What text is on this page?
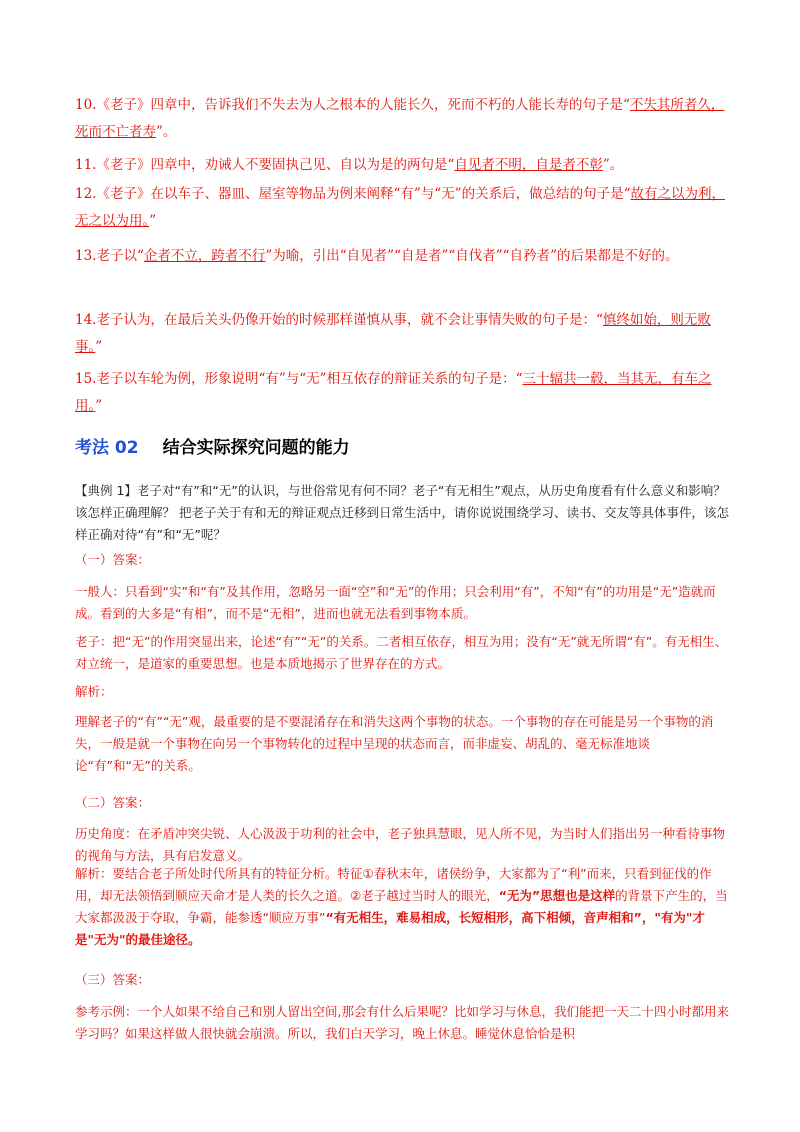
10.《老子》四章中，告诉我们不失去为人之根本的人能长久，死而不朽的人能长寿的句子是“不失其所者久，死而不亡者寿”。

11.《老子》四章中，劝诫人不要固执己见、自以为是的两句是“自见者不明，自是者不彰”。

12.《老子》在以车子、器皿、屋室等物品为例来阐释“有”与“无”的关系后，做总结的句子是“故有之以为利，无之以为用。”

13.老子以“企者不立，跨者不行”为喻，引出“自见者”“自是者”“自伐者”“自矜者”的后果都是不好的。

14.老子认为，在最后关头仍像开始的时候那样谨慎从事，就不会让事情失败的句子是：“慎终如始，则无败事。”

15.老子以车轮为例，形象说明“有”与“无”相互依存的辩证关系的句子是：“三十辐共一毂，当其无，有车之用。”

考法 02 结合实际探究问题的能力

【典例 1】老子对“有”和“无”的认识，与世俗常见有何不同？老子“有无相生”观点，从历史角度看有什么意义和影响？该怎样正确理解？ 把老子关于有和无的辩证观点迁移到日常生活中，请你说说围绕学习、读书、交友等具体事件，该怎样正确对待“有”和“无”呢？

（一）答案：

一般人：只看到“实”和“有”及其作用，忽略另一面“空”和“无”的作用；只会利用“有”，不知“有”的功用是“无”造就而成。看到的大多是“有相”，而不是“无相”，进而也就无法看到事物本质。

老子：把“无”的作用突显出来，论述“有”“无”的关系。二者相互依存，相互为用；没有“无”就无所谓“有”。有无相生、对立统一，是道家的重要思想。也是本质地揭示了世界存在的方式。

解析：

理解老子的“有”“无”观，最重要的是不要混淆存在和消失这两个事物的状态。一个事物的存在可能是另一个事物的消失，一般是就一个事物在向另一个事物转化的过程中呈现的状态而言，而非虚妄、胡乱的、毫无标准地谈论“有”和“无”的关系。

（二）答案：

历史角度：在矛盾冲突尖锐、人心汲汲于功利的社会中，老子独具慧眼，见人所不见，为当时人们指出另一种看待事物的视角与方法，具有启发意义。

解析：要结合老子所处时代所具有的特征分析。特征①春秋末年，诸侯纷争，大家都为了“利”而来，只看到征伐的作用，却无法领悟到顺应天命才是人类的长久之道。②老子越过当时人的眼光，“无为”思想也是这样的背景下产生的，当大家都汲汲于夺取，争霸，能参透“顺应万事”“有无相生，难易相成，长短相形，高下相倾，音声相和”，"有为"才是"无为"的最佳途径。

（三）答案：

参考示例：一个人如果不给自己和别人留出空间,那会有什么后果呢？比如学习与休息，我们能把一天二十四小时都用来学习吗？如果这样做人很快就会崩溃。所以，我们白天学习，晚上休息。睡觉休息恰恰是积
